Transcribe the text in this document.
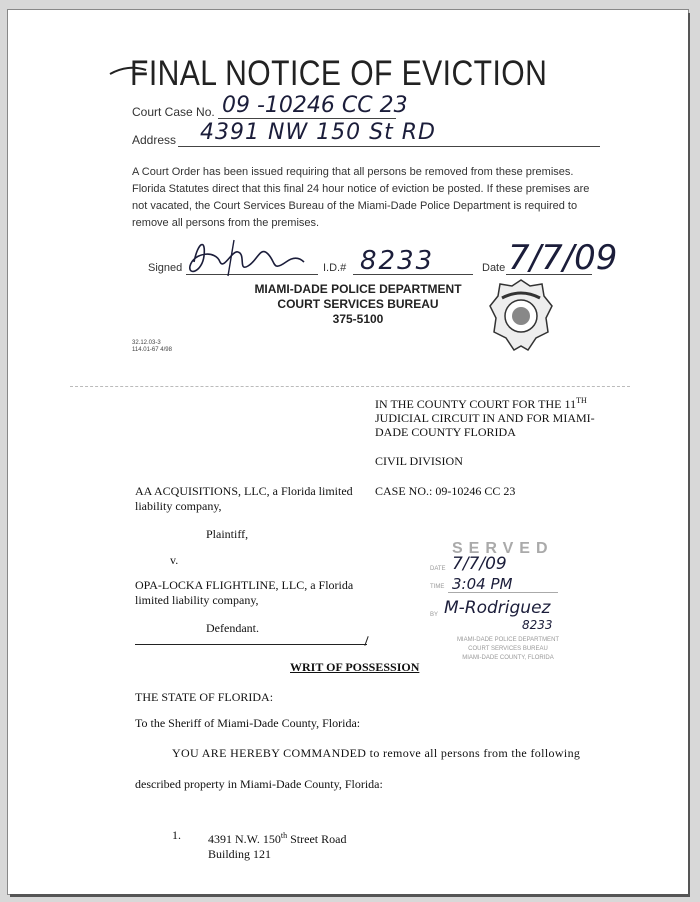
FINAL NOTICE OF EVICTION
Court Case No. 09 -10246 CC 23
Address 4391 NW 150 St RD
A Court Order has been issued requiring that all persons be removed from these premises. Florida Statutes direct that this final 24 hour notice of eviction be posted. If these premises are not vacated, the Court Services Bureau of the Miami-Dade Police Department is required to remove all persons from the premises.
Signed	I.D.# 8233	Date 7/7/09
MIAMI-DADE POLICE DEPARTMENT
COURT SERVICES BUREAU
375-5100
32.12.03-3
114.01-67 4/98
IN THE COUNTY COURT FOR THE 11TH
JUDICIAL CIRCUIT IN AND FOR MIAMI-
DADE COUNTY FLORIDA
CIVIL DIVISION
CASE NO.: 09-10246 CC 23
AA ACQUISITIONS, LLC, a Florida limited
liability company,
Plaintiff,
v.
OPA-LOCKA FLIGHTLINE, LLC, a Florida
limited liability company,
Defendant.
WRIT OF POSSESSION
THE STATE OF FLORIDA:
To the Sheriff of Miami-Dade County, Florida:
YOU ARE HEREBY COMMANDED to remove all persons from the following
described property in Miami-Dade County, Florida:
1. 4391 N.W. 150th Street Road
Building 121
SERVED
DATE 7/7/09
TIME 3:04 PM
BY M-Rodriguez
8233
MIAMI-DADE POLICE DEPARTMENT
COURT SERVICES BUREAU
MIAMI-DADE COUNTY, FLORIDA
